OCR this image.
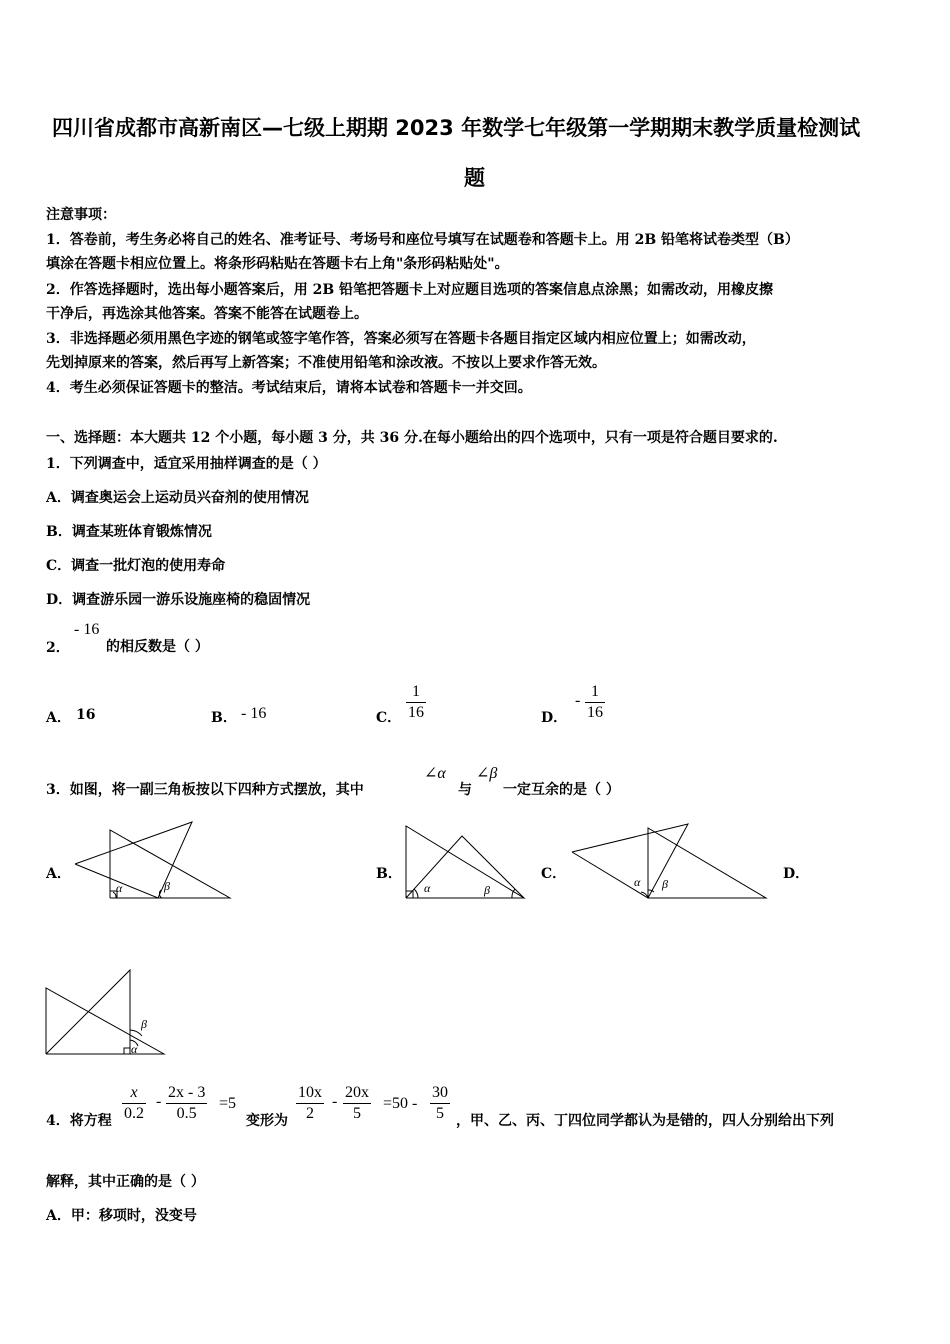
四川省成都市高新南区—七级上期期 2023 年数学七年级第一学期期末教学质量检测试
题
注意事项：
1．答卷前，考生务必将自己的姓名、准考证号、考场号和座位号填写在试题卷和答题卡上。用 2B 铅笔将试卷类型（B）
填涂在答题卡相应位置上。将条形码粘贴在答题卡右上角"条形码粘贴处"。
2．作答选择题时，选出每小题答案后，用 2B 铅笔把答题卡上对应题目选项的答案信息点涂黑；如需改动，用橡皮擦
干净后，再选涂其他答案。答案不能答在试题卷上。
3．非选择题必须用黑色字迹的钢笔或签字笔作答，答案必须写在答题卡各题目指定区域内相应位置上；如需改动，
先划掉原来的答案，然后再写上新答案；不准使用铅笔和涂改液。不按以上要求作答无效。
4．考生必须保证答题卡的整洁。考试结束后，请将本试卷和答题卡一并交回。
一、选择题：本大题共 12 个小题，每小题 3 分，共 36 分.在每小题给出的四个选项中，只有一项是符合题目要求的.
1．下列调查中，适宜采用抽样调查的是（ ）
A．调查奥运会上运动员兴奋剂的使用情况
B．调查某班体育锻炼情况
C．调查一批灯泡的使用寿命
D．调查游乐园一游乐设施座椅的稳固情况
2．
- 16
的相反数是（ ）
A． 16	B． - 16	C．
1
16	D．
-
1
16
3．如图，将一副三角板按以下四种方式摆放，其中
∠α
与
∠β
一定互余的是（ ）
A．
α	β
B．
α	β
C．	α β
D．
α
β
4．将方程
x
0.2
-
2x - 3
0.5
=5
变形为
10x
2
-
20x
5
=50 -
30
5 ，甲、乙、丙、丁四位同学都认为是错的，四人分别给出下列
解释，其中正确的是（ ）
A．甲：移项时，没变号
